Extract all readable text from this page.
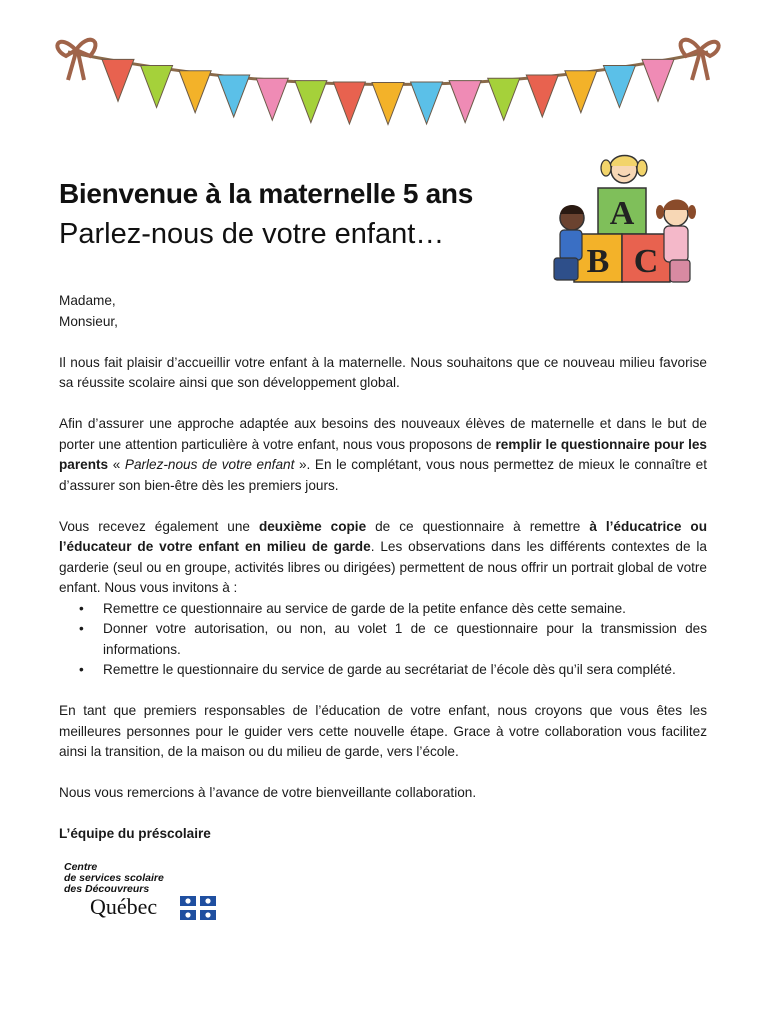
Bienvenue à la maternelle 5 ans
Parlez-nous de votre enfant…
A
B C

Madame,

Monsieur,

Il nous fait plaisir d’accueillir votre enfant à la maternelle. Nous souhaitons que ce nouveau milieu favorise sa réussite scolaire ainsi que son développement global.

Afin d’assurer une approche adaptée aux besoins des nouveaux élèves de maternelle et dans le but de porter une attention particulière à votre enfant, nous vous proposons de remplir le questionnaire pour les parents « Parlez-nous de votre enfant ». En le complétant, vous nous permettez de mieux le connaître et d’assurer son bien-être dès les premiers jours.

Vous recevez également une deuxième copie de ce questionnaire à remettre à l’éducatrice ou l’éducateur de votre enfant en milieu de garde. Les observations dans les différents contextes de la garderie (seul ou en groupe, activités libres ou dirigées) permettent de nous offrir un portrait global de votre enfant. Nous vous invitons à :

• Remettre ce questionnaire au service de garde de la petite enfance dès cette semaine.
• Donner votre autorisation, ou non, au volet 1 de ce questionnaire pour la transmission des informations.
• Remettre le questionnaire du service de garde au secrétariat de l’école dès qu’il sera complété.

En tant que premiers responsables de l’éducation de votre enfant, nous croyons que vous êtes les meilleures personnes pour le guider vers cette nouvelle étape. Grace à votre collaboration vous facilitez ainsi la transition, de la maison ou du milieu de garde, vers l’école.

Nous vous remercions à l’avance de votre bienveillante collaboration.

L’équipe du préscolaire

Centre
de services scolaire
des Découvreurs
Québec
